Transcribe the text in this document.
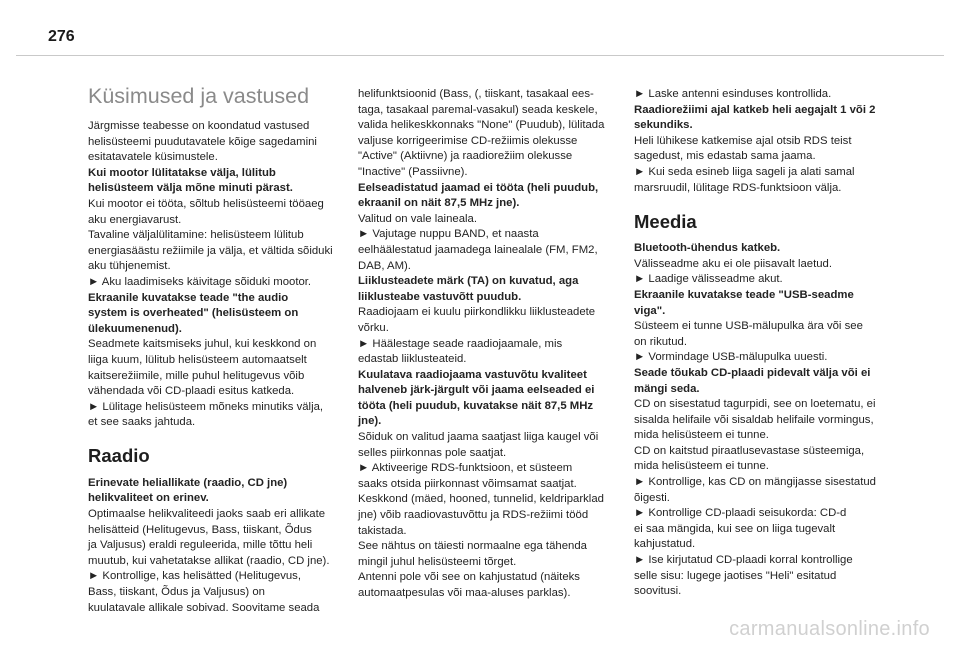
276
Küsimused ja vastused

Järgmisse teabesse on koondatud vastused
helisüsteemi puudutavatele kõige sagedamini
esitatavatele küsimustele.

Kui mootor lülitatakse välja, lülitub
helisüsteem välja mõne minuti pärast.

Kui mootor ei tööta, sõltub helisüsteemi tööaeg
aku energiavarust.
Tavaline väljalülitamine: helisüsteem lülitub
energiasäästu režiimile ja välja, et vältida sõiduki
aku tühjenemist.
► Aku laadimiseks käivitage sõiduki mootor.

Ekraanile kuvatakse teade "the audio
system is overheated" (helisüsteem on
ülekuumenenud).

Seadmete kaitsmiseks juhul, kui keskkond on
liiga kuum, lülitub helisüsteem automaatselt
kaitserežiimile, mille puhul helitugevus võib
vähendada või CD-plaadi esitus katkeda.
► Lülitage helisüsteem mõneks minutiks välja,
et see saaks jahtuda.

Raadio

Erinevate heliallikate (raadio, CD jne)
helikvaliteet on erinev.

Optimaalse helikvaliteedi jaoks saab eri allikate
helisätteid (Helitugevus, Bass, tiiskant, Õdus
ja Valjusus) eraldi reguleerida, mille tõttu heli
muutub, kui vahetatakse allikat (raadio, CD jne).
► Kontrollige, kas helisätted (Helitugevus,
Bass, tiiskant, Õdus ja Valjusus) on
kuulatavale allikale sobivad. Soovitame seada

helifunktsioonid (Bass, (, tiiskant, tasakaal ees-
taga, tasakaal paremal-vasakul) seada keskele,
valida helikeskkonnaks "None" (Puudub), lülitada
valjuse korrigeerimise CD-režiimis olekusse
"Active" (Aktiivne) ja raadiorežiim olekusse
"Inactive" (Passiivne).

Eelseadistatud jaamad ei tööta (heli puudub,
ekraanil on näit 87,5 MHz jne).

Valitud on vale laineala.
► Vajutage nuppu BAND, et naasta
eelhäälestatud jaamadega lainealale (FM, FM2,
DAB, AM).

Liiklusteadete märk (TA) on kuvatud, aga
liiklusteabe vastuvõtt puudub.

Raadiojaam ei kuulu piirkondlikku liiklusteadete
võrku.
► Häälestage seade raadiojaamale, mis
edastab liiklusteateid.

Kuulatava raadiojaama vastuvõtu kvaliteet
halveneb järk-järgult või jaama eelseaded ei
tööta (heli puudub, kuvatakse näit 87,5 MHz
jne).

Sõiduk on valitud jaama saatjast liiga kaugel või
selles piirkonnas pole saatjat.
► Aktiveerige RDS-funktsioon, et süsteem
saaks otsida piirkonnast võimsamat saatjat.
Keskkond (mäed, hooned, tunnelid, keldriparklad
jne) võib raadiovastuvõttu ja RDS-režiimi tööd
takistada.
See nähtus on täiesti normaalne ega tähenda
mingil juhul helisüsteemi tõrget.
Antenni pole või see on kahjustatud (näiteks
automaatpesulas või maa-aluses parklas).

► Laske antenni esinduses kontrollida.

Raadiorežiimi ajal katkeb heli aegajalt 1 või 2
sekundiks.

Heli lühikese katkemise ajal otsib RDS teist
sagedust, mis edastab sama jaama.
► Kui seda esineb liiga sageli ja alati samal
marsruudil, lülitage RDS-funktsioon välja.

Meedia

Bluetooth-ühendus katkeb.

Välisseadme aku ei ole piisavalt laetud.
► Laadige välisseadme akut.

Ekraanile kuvatakse teade "USB-seadme
viga".

Süsteem ei tunne USB-mälupulka ära või see
on rikutud.
► Vormindage USB-mälupulka uuesti.

Seade tõukab CD-plaadi pidevalt välja või ei
mängi seda.

CD on sisestatud tagurpidi, see on loetematu, ei
sisalda helifaile või sisaldab helifaile vormingus,
mida helisüsteem ei tunne.
CD on kaitstud piraatlusevastase süsteemiga,
mida helisüsteem ei tunne.
► Kontrollige, kas CD on mängijasse sisestatud
õigesti.
► Kontrollige CD-plaadi seisukorda: CD-d
ei saa mängida, kui see on liiga tugevalt
kahjustatud.
► Ise kirjutatud CD-plaadi korral kontrollige
selle sisu: lugege jaotises "Heli" esitatud
soovitusi.

carmanualsonline.info
